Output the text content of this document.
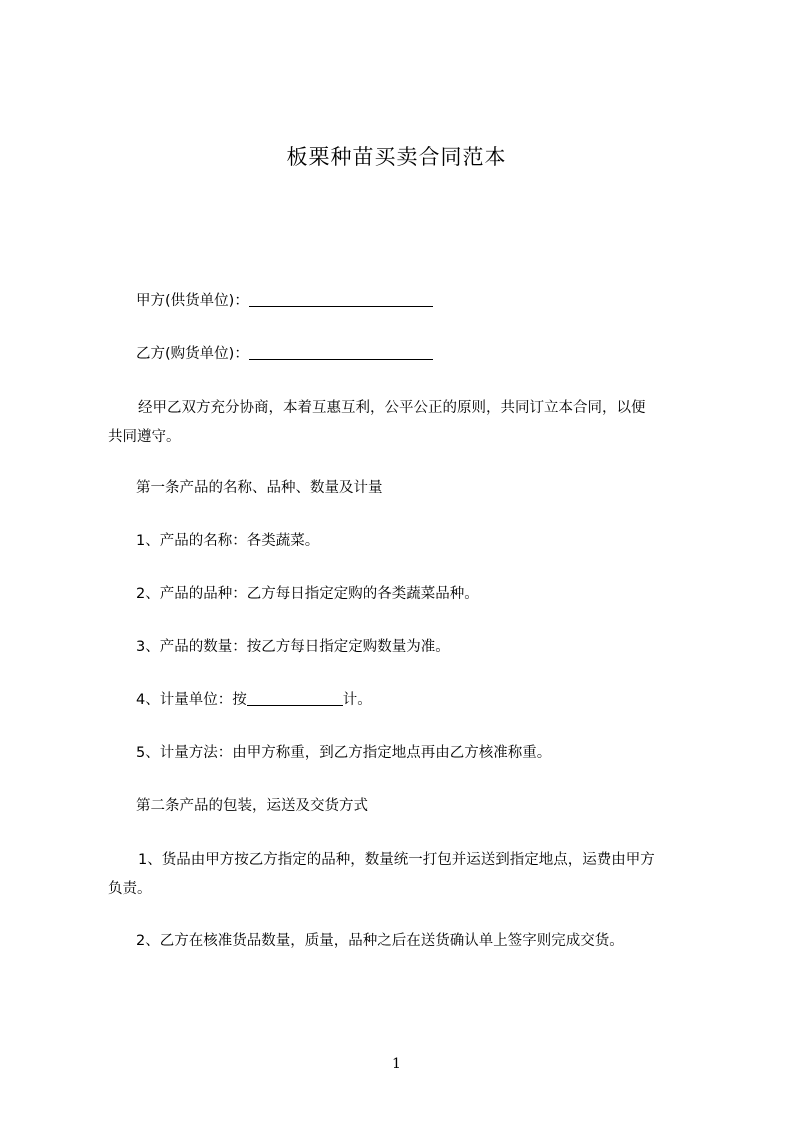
板栗种苗买卖合同范本
甲方(供货单位)：
乙方(购货单位)：
经甲乙双方充分协商，本着互惠互利，公平公正的原则，共同订立本合同，以便
共同遵守。
第一条产品的名称、品种、数量及计量
1、产品的名称：各类蔬菜。
2、产品的品种：乙方每日指定定购的各类蔬菜品种。
3、产品的数量：按乙方每日指定定购数量为准。
4、计量单位：按	计。
5、计量方法：由甲方称重，到乙方指定地点再由乙方核准称重。
第二条产品的包装，运送及交货方式
1、货品由甲方按乙方指定的品种，数量统一打包并运送到指定地点，运费由甲方
负责。
2、乙方在核准货品数量，质量，品种之后在送货确认单上签字则完成交货。
1
